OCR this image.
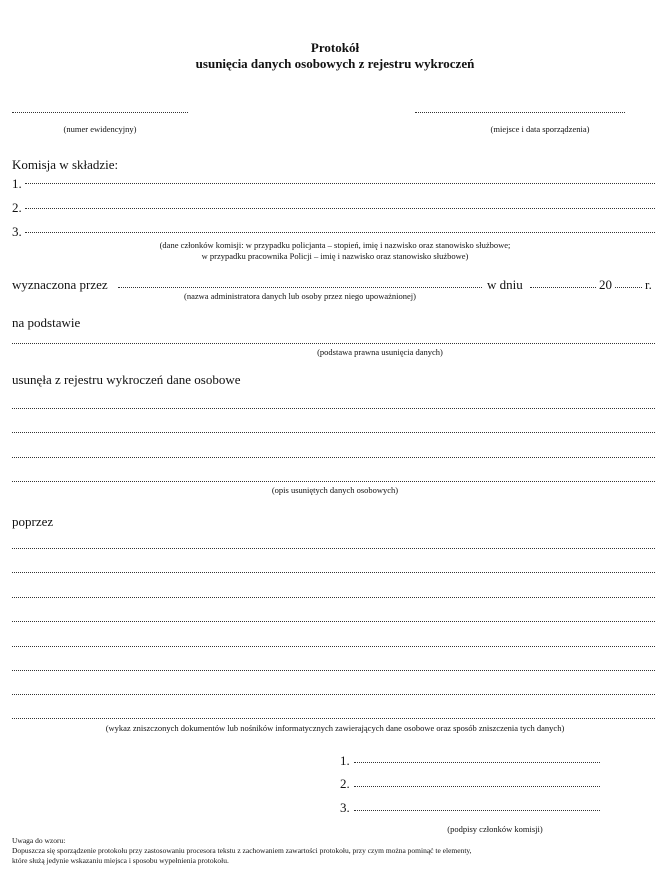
Protokół
usunięcia danych osobowych z rejestru wykroczeń
(numer ewidencyjny)	(miejsce i data sporządzenia)
Komisja w składzie:
1.
2.
3.
(dane członków komisji: w przypadku policjanta – stopień, imię i nazwisko oraz stanowisko służbowe;
w przypadku pracownika Policji – imię i nazwisko oraz stanowisko służbowe)
wyznaczona przez	w dniu	20	r.
(nazwa administratora danych lub osoby przez niego upoważnionej)
na podstawie
(podstawa prawna usunięcia danych)
usunęła z rejestru wykroczeń dane osobowe
(opis usuniętych danych osobowych)
poprzez
(wykaz zniszczonych dokumentów lub nośników informatycznych zawierających dane osobowe oraz sposób zniszczenia tych danych)
1.
2.
3.
(podpisy członków komisji)
Uwaga do wzoru:
Dopuszcza się sporządzenie protokołu przy zastosowaniu procesora tekstu z zachowaniem zawartości protokołu, przy czym można pominąć te elementy,
które służą jedynie wskazaniu miejsca i sposobu wypełnienia protokołu.
